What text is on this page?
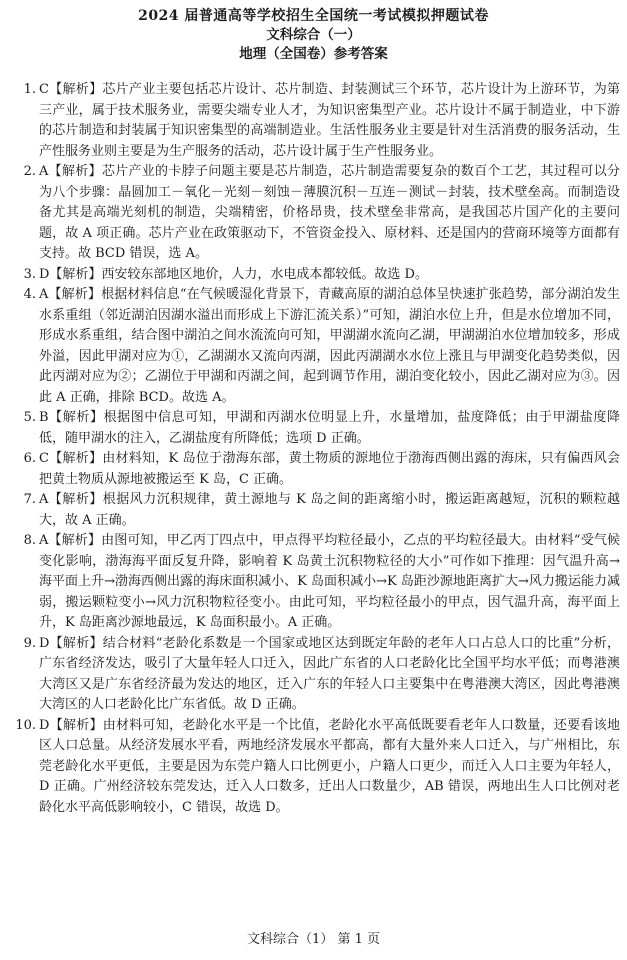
2024 届普通高等学校招生全国统一考试模拟押题试卷
文科综合（一）
地理（全国卷）参考答案
1. C【解析】芯片产业主要包括芯片设计、芯片制造、封装测试三个环节，芯片设计为上游环节，为第三产业，属于技术服务业，需要尖端专业人才，为知识密集型产业。芯片设计不属于制造业，中下游的芯片制造和封装属于知识密集型的高端制造业。生活性服务业主要是针对生活消费的服务活动，生产性服务业则主要是为生产服务的活动，芯片设计属于生产性服务业。
2. A【解析】芯片产业的卡脖子问题主要是芯片制造，芯片制造需要复杂的数百个工艺，其过程可以分为八个步骤：晶圆加工－氧化－光刻－刻蚀－薄膜沉积－互连－测试－封装，技术壁垒高。而制造设备尤其是高端光刻机的制造，尖端精密，价格昂贵，技术壁垒非常高，是我国芯片国产化的主要问题，故 A 项正确。芯片产业在政策驱动下，不管资金投入、原材料、还是国内的营商环境等方面都有支持。故 BCD 错误，选 A。
3. D【解析】西安较东部地区地价，人力，水电成本都较低。故选 D。
4. A【解析】根据材料信息“在气候暖湿化背景下，青藏高原的湖泊总体呈快速扩张趋势，部分湖泊发生水系重组（邻近湖泊因湖水溢出而形成上下游汇流关系）”可知，湖泊水位上升，但是水位增加不同，形成水系重组，结合图中湖泊之间水流流向可知，甲湖湖水流向乙湖，甲湖湖泊水位增加较多，形成外溢，因此甲湖对应为①，乙湖湖水又流向丙湖，因此丙湖湖水水位上涨且与甲湖变化趋势类似，因此丙湖对应为②；乙湖位于甲湖和丙湖之间，起到调节作用，湖泊变化较小，因此乙湖对应为③。因此 A 正确，排除 BCD。故选 A。
5. B【解析】根据图中信息可知，甲湖和丙湖水位明显上升，水量增加，盐度降低；由于甲湖盐度降低，随甲湖水的注入，乙湖盐度有所降低；选项 D 正确。
6. C【解析】由材料知，K 岛位于渤海东部，黄土物质的源地位于渤海西侧出露的海床，只有偏西风会把黄土物质从源地被搬运至 K 岛，C 正确。
7. A【解析】根据风力沉积规律，黄土源地与 K 岛之间的距离缩小时，搬运距离越短，沉积的颗粒越大，故 A 正确。
8. A【解析】由图可知，甲乙丙丁四点中，甲点得平均粒径最小，乙点的平均粒径最大。由材料“受气候变化影响，渤海海平面反复升降，影响着 K 岛黄土沉积物粒径的大小”可作如下推理：因气温升高→海平面上升→渤海西侧出露的海床面积减小、K 岛面积减小→K 岛距沙源地距离扩大→风力搬运能力减弱，搬运颗粒变小→风力沉积物粒径变小。由此可知，平均粒径最小的甲点，因气温升高，海平面上升，K 岛距离沙源地最远，K 岛面积最小。A 正确。
9. D【解析】结合材料“老龄化系数是一个国家或地区达到既定年龄的老年人口占总人口的比重”分析，广东省经济发达，吸引了大量年轻人口迁入，因此广东省的人口老龄化比全国平均水平低；而粤港澳大湾区又是广东省经济最为发达的地区，迁入广东的年轻人口主要集中在粤港澳大湾区，因此粤港澳大湾区的人口老龄化比广东省低。故 D 正确。
10. D【解析】由材料可知，老龄化水平是一个比值，老龄化水平高低既要看老年人口数量，还要看该地区人口总量。从经济发展水平看，两地经济发展水平都高，都有大量外来人口迁入，与广州相比，东莞老龄化水平更低，主要是因为东莞户籍人口比例更小，户籍人口更少，而迁入人口主要为年轻人，D 正确。广州经济较东莞发达，迁入人口数多，迁出人口数量少，AB 错误，两地出生人口比例对老龄化水平高低影响较小，C 错误，故选 D。
文科综合（1） 第 1 页
